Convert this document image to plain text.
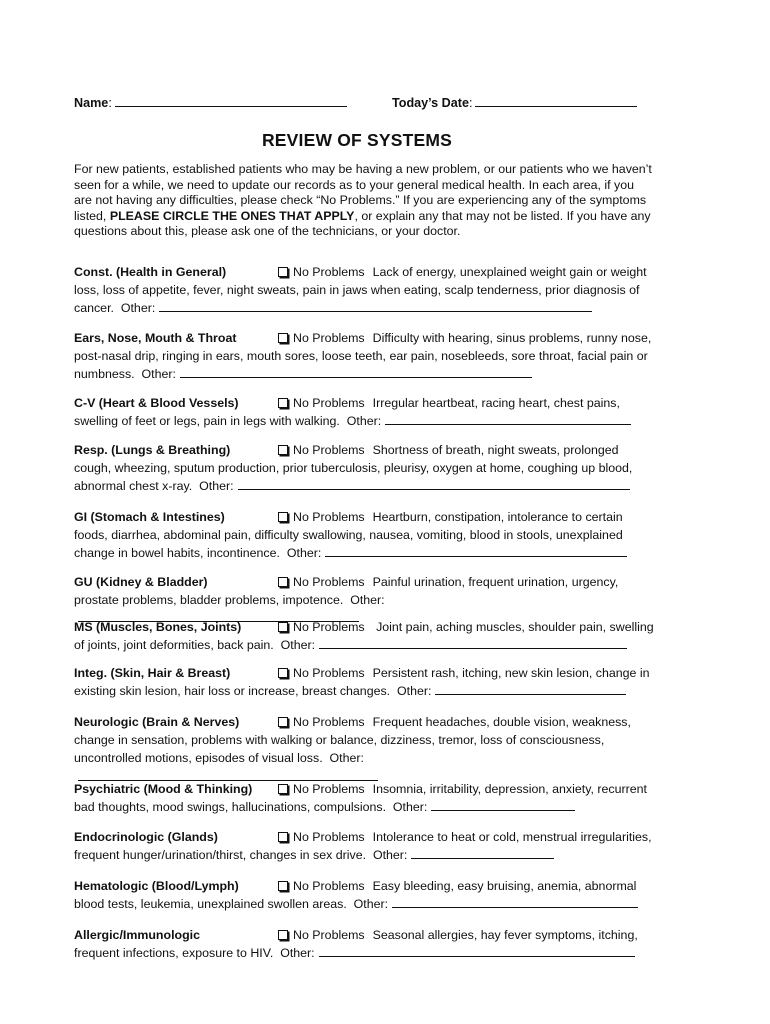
Name:	Today’s Date:
REVIEW OF SYSTEMS
For new patients, established patients who may be having a new problem, or our patients who we haven’t seen for a while, we need to update our records as to your general medical health. In each area, if you are not having any difficulties, please check “No Problems.” If you are experiencing any of the symptoms listed, PLEASE CIRCLE THE ONES THAT APPLY, or explain any that may not be listed. If you have any questions about this, please ask one of the technicians, or your doctor.
Const. (Health in General)	No Problems Lack of energy, unexplained weight gain or weight loss, loss of appetite, fever, night sweats, pain in jaws when eating, scalp tenderness, prior diagnosis of cancer. Other:
Ears, Nose, Mouth & Throat	No Problems Difficulty with hearing, sinus problems, runny nose, post-nasal drip, ringing in ears, mouth sores, loose teeth, ear pain, nosebleeds, sore throat, facial pain or numbness. Other:
C-V (Heart & Blood Vessels)	No Problems Irregular heartbeat, racing heart, chest pains, swelling of feet or legs, pain in legs with walking. Other:
Resp. (Lungs & Breathing)	No Problems Shortness of breath, night sweats, prolonged cough, wheezing, sputum production, prior tuberculosis, pleurisy, oxygen at home, coughing up blood, abnormal chest x-ray. Other:
GI (Stomach & Intestines)	No Problems Heartburn, constipation, intolerance to certain foods, diarrhea, abdominal pain, difficulty swallowing, nausea, vomiting, blood in stools, unexplained change in bowel habits, incontinence. Other:
GU (Kidney & Bladder)	No Problems Painful urination, frequent urination, urgency, prostate problems, bladder problems, impotence. Other:
MS (Muscles, Bones, Joints)	No Problems Joint pain, aching muscles, shoulder pain, swelling of joints, joint deformities, back pain. Other:
Integ. (Skin, Hair & Breast)	No Problems Persistent rash, itching, new skin lesion, change in existing skin lesion, hair loss or increase, breast changes. Other:
Neurologic (Brain & Nerves)	No Problems Frequent headaches, double vision, weakness, change in sensation, problems with walking or balance, dizziness, tremor, loss of consciousness, uncontrolled motions, episodes of visual loss. Other:
Psychiatric (Mood & Thinking)	No Problems Insomnia, irritability, depression, anxiety, recurrent bad thoughts, mood swings, hallucinations, compulsions. Other:
Endocrinologic (Glands)	No Problems Intolerance to heat or cold, menstrual irregularities, frequent hunger/urination/thirst, changes in sex drive. Other:
Hematologic (Blood/Lymph)	No Problems Easy bleeding, easy bruising, anemia, abnormal blood tests, leukemia, unexplained swollen areas. Other:
Allergic/Immunologic	No Problems Seasonal allergies, hay fever symptoms, itching, frequent infections, exposure to HIV. Other:
